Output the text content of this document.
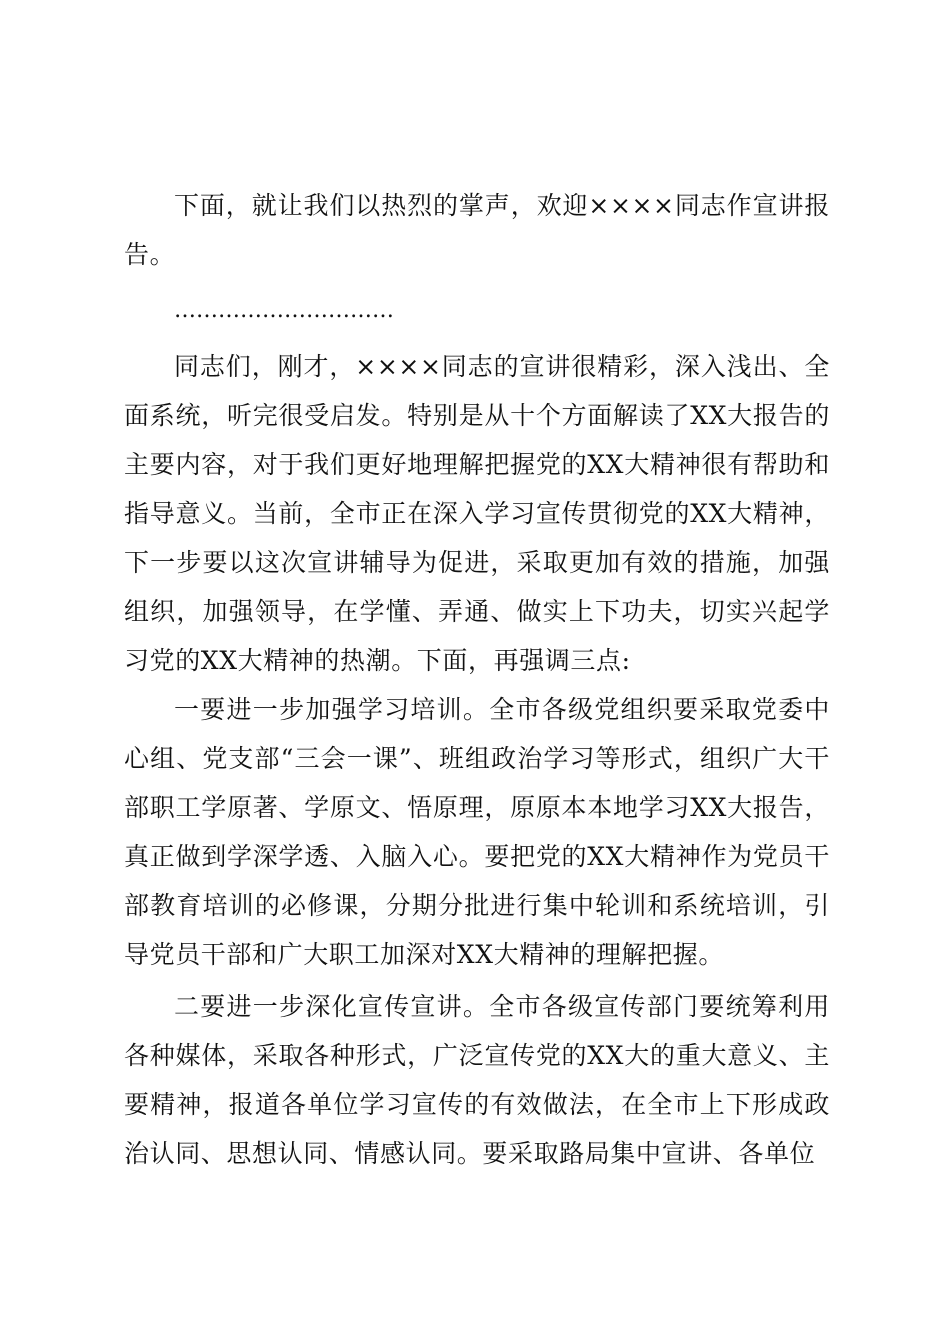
下面，就让我们以热烈的掌声，欢迎××××同志作宣讲报告。

…………………………

同志们，刚才，××××同志的宣讲很精彩，深入浅出、全面系统，听完很受启发。特别是从十个方面解读了XX大报告的主要内容，对于我们更好地理解把握党的XX大精神很有帮助和指导意义。当前，全市正在深入学习宣传贯彻党的XX大精神，下一步要以这次宣讲辅导为促进，采取更加有效的措施，加强组织，加强领导，在学懂、弄通、做实上下功夫，切实兴起学习党的XX大精神的热潮。下面，再强调三点:

一要进一步加强学习培训。全市各级党组织要采取党委中心组、党支部“三会一课”、班组政治学习等形式，组织广大干部职工学原著、学原文、悟原理，原原本本地学习XX大报告，真正做到学深学透、入脑入心。要把党的XX大精神作为党员干部教育培训的必修课，分期分批进行集中轮训和系统培训，引导党员干部和广大职工加深对XX大精神的理解把握。

二要进一步深化宣传宣讲。全市各级宣传部门要统筹利用各种媒体，采取各种形式，广泛宣传党的XX大的重大意义、主要精神，报道各单位学习宣传的有效做法，在全市上下形成政治认同、思想认同、情感认同。要采取路局集中宣讲、各单位
